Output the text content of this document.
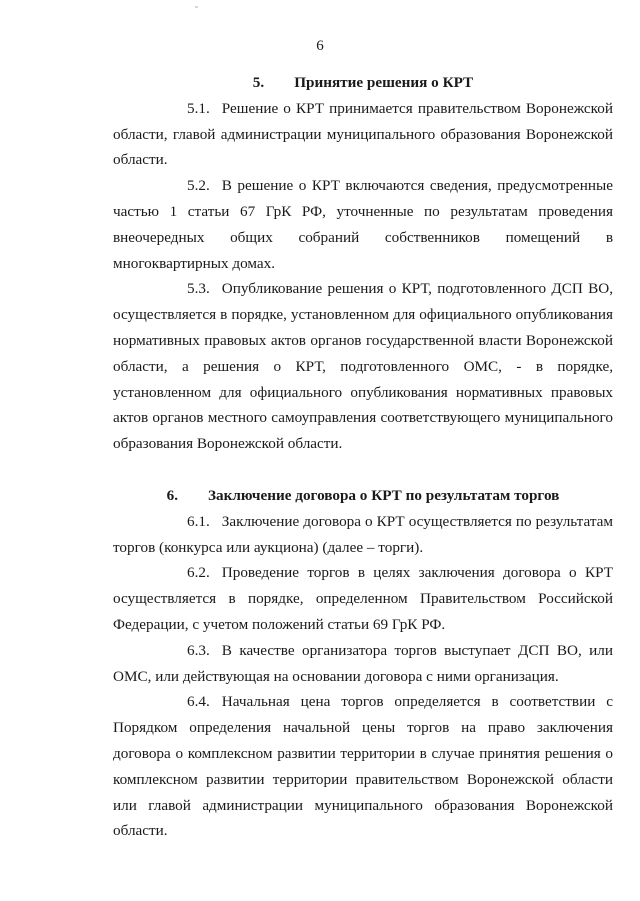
6

5. Принятие решения о КРТ

5.1. Решение о КРТ принимается правительством Воронежской области, главой администрации муниципального образования Воронежской области.

5.2. В решение о КРТ включаются сведения, предусмотренные частью 1 статьи 67 ГрК РФ, уточненные по результатам проведения внеочередных общих собраний собственников помещений в многоквартирных домах.

5.3. Опубликование решения о КРТ, подготовленного ДСП ВО, осуществляется в порядке, установленном для официального опубликования нормативных правовых актов органов государственной власти Воронежской области, а решения о КРТ, подготовленного ОМС, - в порядке, установленном для официального опубликования нормативных правовых актов органов местного самоуправления соответствующего муниципального образования Воронежской области.

6. Заключение договора о КРТ по результатам торгов

6.1. Заключение договора о КРТ осуществляется по результатам торгов (конкурса или аукциона) (далее – торги).

6.2. Проведение торгов в целях заключения договора о КРТ осуществляется в порядке, определенном Правительством Российской Федерации, с учетом положений статьи 69 ГрК РФ.

6.3. В качестве организатора торгов выступает ДСП ВО, или ОМС, или действующая на основании договора с ними организация.

6.4. Начальная цена торгов определяется в соответствии с Порядком определения начальной цены торгов на право заключения договора о комплексном развитии территории в случае принятия решения о комплексном развитии территории правительством Воронежской области или главой администрации муниципального образования Воронежской области.
